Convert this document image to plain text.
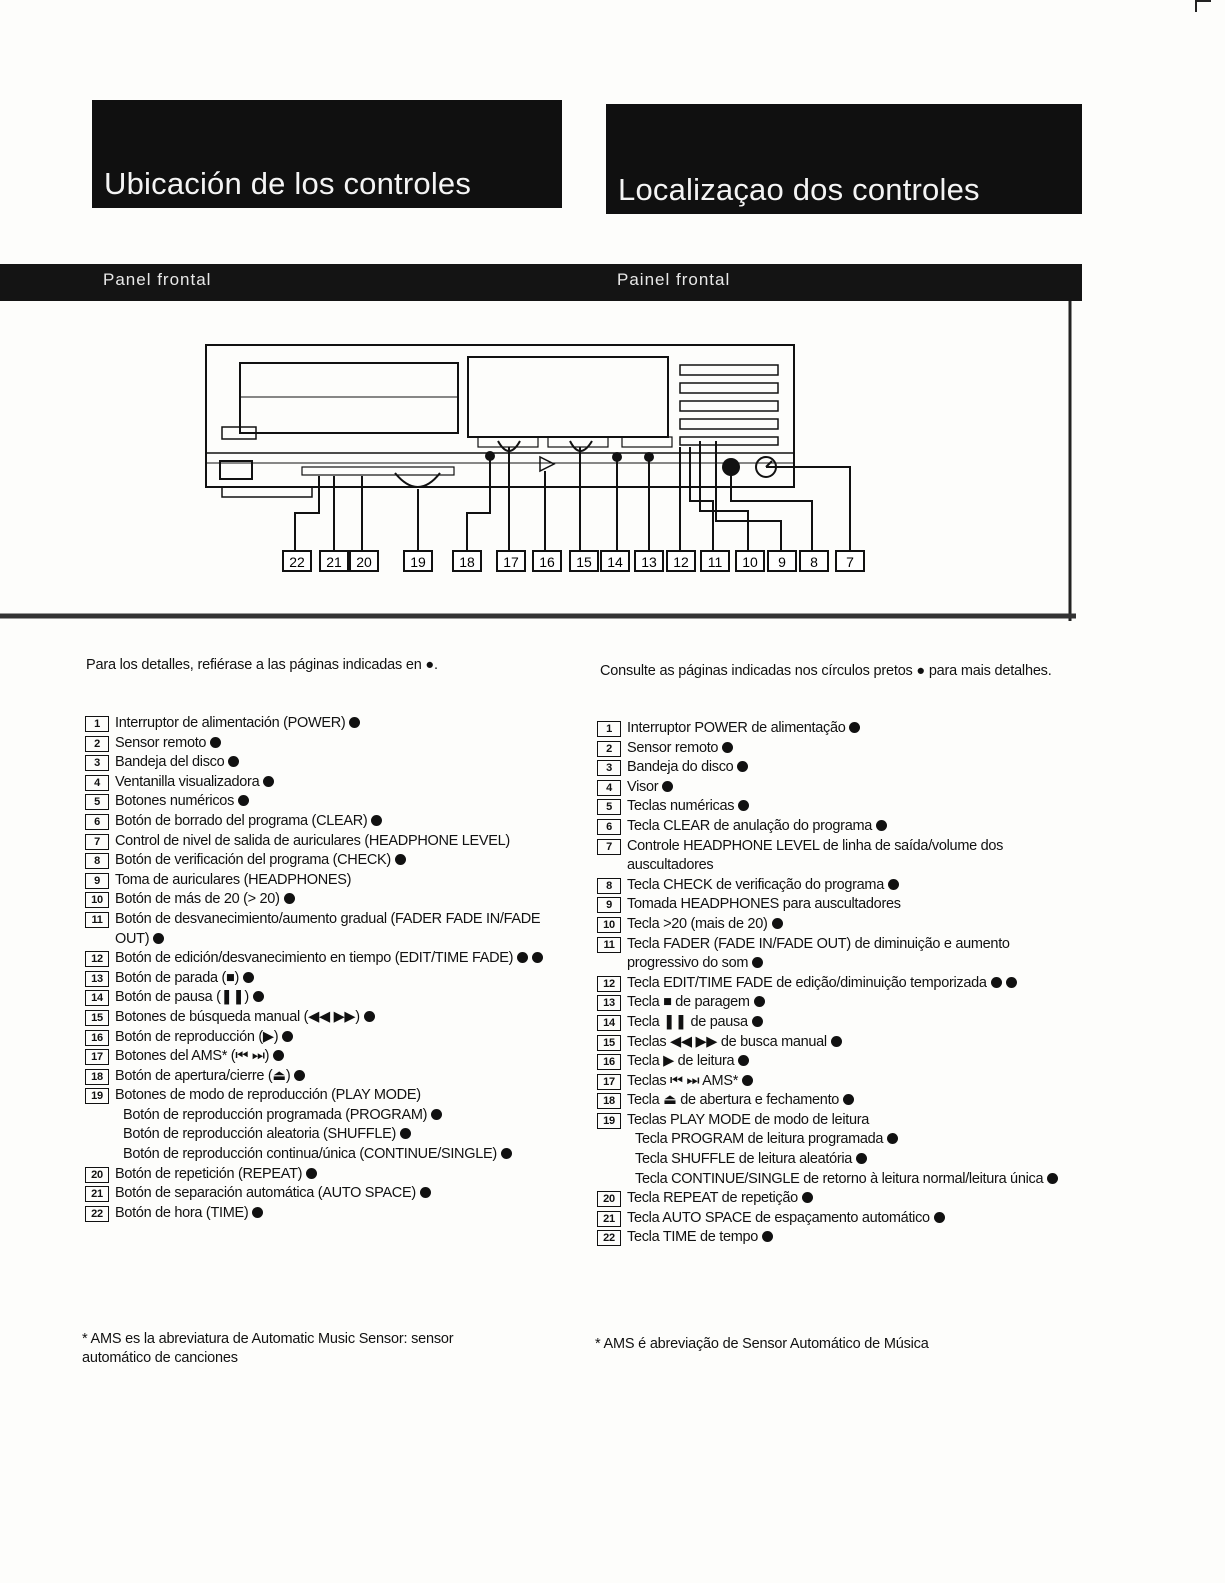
Ubicación de los controles	Localizaçao dos controles
Panel frontal	Painel frontal
22 21 20	19 18 17 16 15 14 13 12 11 10 9 8 7
Para los detalles, refiérase a las páginas indicadas en ●.	Consulte as páginas indicadas nos círculos pretos ● para mais detalhes.
1	Interruptor de alimentación (POWER)
2	Sensor remoto
3	Bandeja del disco
4	Ventanilla visualizadora
5	Botones numéricos
6	Botón de borrado del programa (CLEAR)
7	Control de nivel de salida de auriculares (HEADPHONE LEVEL)
8	Botón de verificación del programa (CHECK)
9	Toma de auriculares (HEADPHONES)
10 Botón de más de 20 (> 20)
11 Botón de desvanecimiento/aumento gradual (FADER FADE IN/FADE OUT)
12 Botón de edición/desvanecimiento en tiempo (EDIT/TIME FADE)
13 Botón de parada (■)
14 Botón de pausa (❚❚)
15 Botones de búsqueda manual (◀◀ ▶▶)
16 Botón de reproducción (▶)
17 Botones del AMS* (⏮ ⏭)
18 Botón de apertura/cierre (⏏)
19 Botones de modo de reproducción (PLAY MODE)
Botón de reproducción programada (PROGRAM)
Botón de reproducción aleatoria (SHUFFLE)
Botón de reproducción continua/única (CONTINUE/SINGLE)
20 Botón de repetición (REPEAT)
21 Botón de separación automática (AUTO SPACE)
22 Botón de hora (TIME)
1	Interruptor POWER de alimentação
2	Sensor remoto
3	Bandeja do disco
4	Visor
5	Teclas numéricas
6	Tecla CLEAR de anulação do programa
7	Controle HEADPHONE LEVEL de linha de saída/volume dos auscultadores
8	Tecla CHECK de verificação do programa
9	Tomada HEADPHONES para auscultadores
10 Tecla >20 (mais de 20)
11 Tecla FADER (FADE IN/FADE OUT) de diminuição e aumento progressivo do som
12 Tecla EDIT/TIME FADE de edição/diminuição temporizada
13 Tecla ■ de paragem
14 Tecla ❚❚ de pausa
15 Teclas ◀◀ ▶▶ de busca manual
16 Tecla ▶ de leitura
17 Teclas ⏮ ⏭ AMS*
18 Tecla ⏏ de abertura e fechamento
19 Teclas PLAY MODE de modo de leitura
Tecla PROGRAM de leitura programada
Tecla SHUFFLE de leitura aleatória
Tecla CONTINUE/SINGLE de retorno à leitura normal/leitura única
20 Tecla REPEAT de repetição
21 Tecla AUTO SPACE de espaçamento automático
22 Tecla TIME de tempo
* AMS es la abreviatura de Automatic Music Sensor: sensor automático de canciones
* AMS é abreviação de Sensor Automático de Música
